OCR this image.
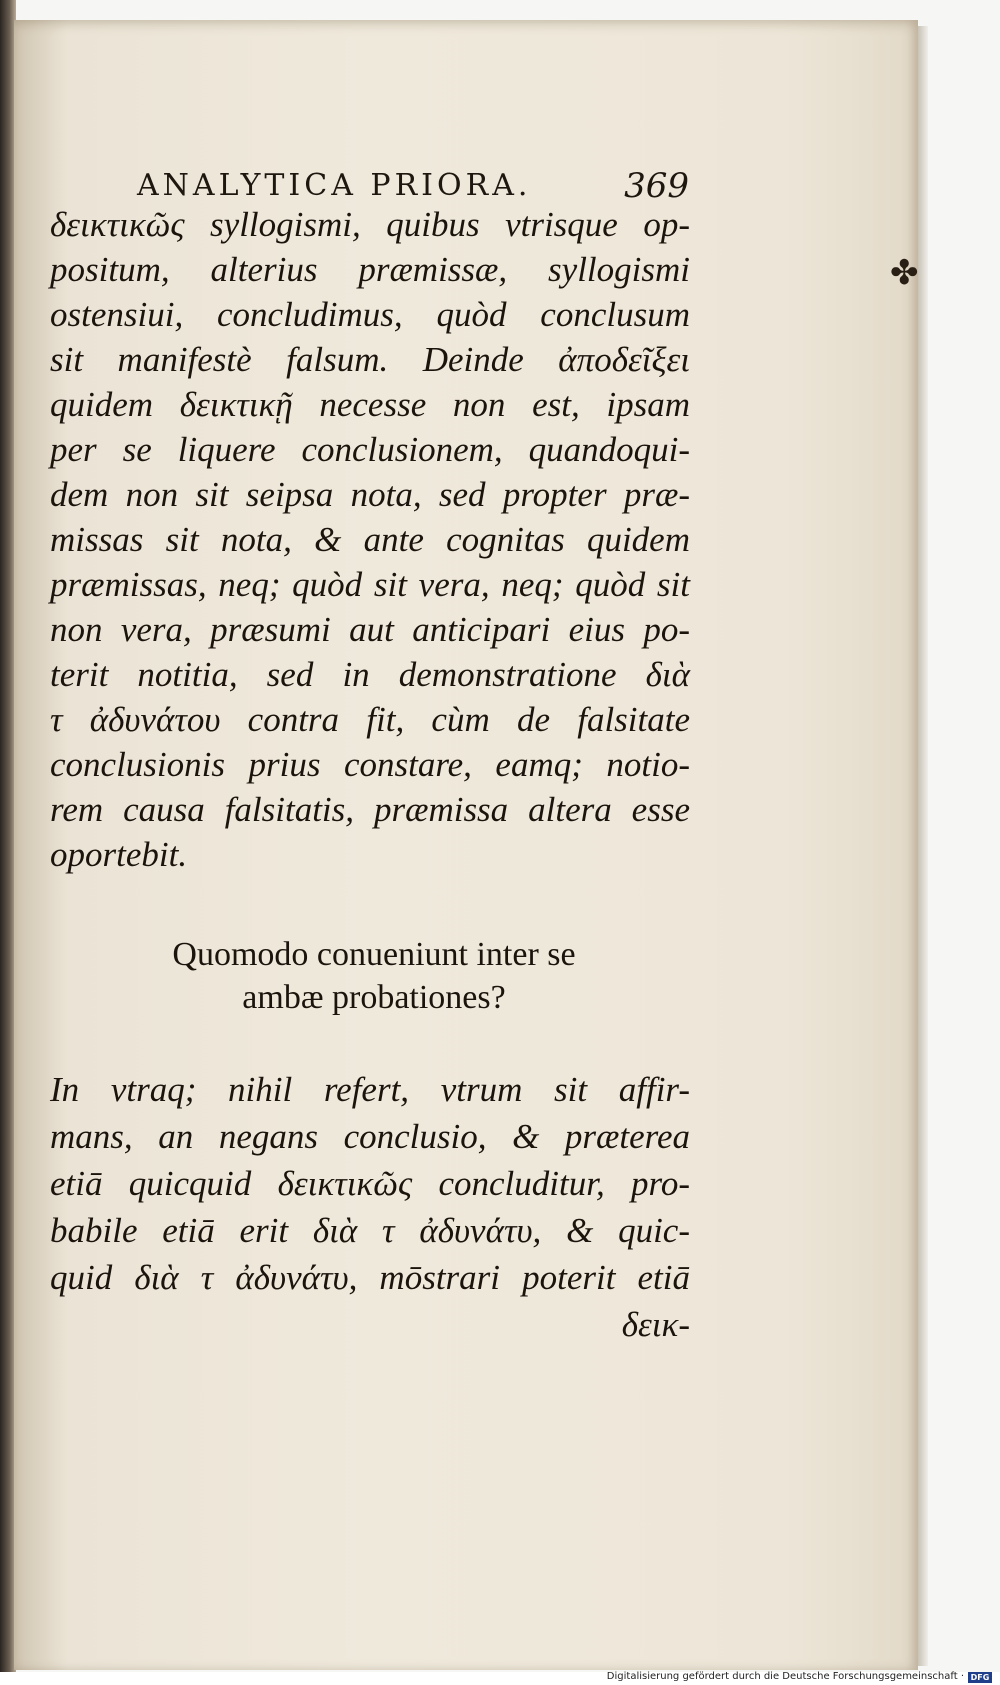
ANALYTICA PRIORA.	369
✤
δεικτικῶς syllogismi, quibus vtrisque op-
positum, alterius præmissæ, syllogismi
ostensiui, concludimus, quòd conclusum
sit manifestè falsum. Deinde ἀποδεῖξει
quidem δεικτικῇ necesse non est, ipsam
per se liquere conclusionem, quandoqui-
dem non sit seipsa nota, sed propter præ-
missas sit nota, & ante cognitas quidem
præmissas, neq; quòd sit vera, neq; quòd sit
non vera, præsumi aut anticipari eius po-
terit notitia, sed in demonstratione διὰ
τ ἀδυνάτου contra fit, cùm de falsitate
conclusionis prius constare, eamq; notio-
rem causa falsitatis, præmissa altera esse
oportebit.
Quomodo conueniunt inter se
ambæ probationes?
In vtraq; nihil refert, vtrum sit affir-
mans, an negans conclusio, & præterea
etiā quicquid δεικτικῶς concluditur, pro-
babile etiā erit διὰ τ ἀδυνάτυ, & quic-
quid διὰ τ ἀδυνάτυ, mōstrari poterit etiā
δεικ-
Digitalisierung gefördert durch die Deutsche Forschungsgemeinschaft · DFG
